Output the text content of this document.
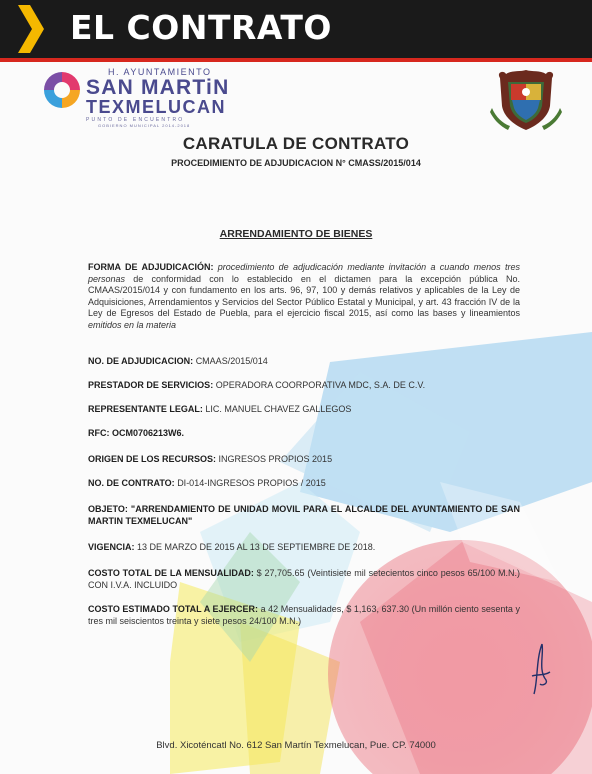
EL CONTRATO
H. AYUNTAMIENTO
SAN MARTiN
TEXMELUCAN
PUNTO DE ENCUENTRO
GOBIERNO MUNICIPAL 2014-2018
CARATULA DE CONTRATO
PROCEDIMIENTO DE ADJUDICACION N° CMASS/2015/014
ARRENDAMIENTO DE BIENES

FORMA DE ADJUDICACIÓN: procedimiento de adjudicación mediante invitación a cuando menos tres personas de conformidad con lo establecido en el dictamen para la excepción pública No. CMAAS/2015/014 y con fundamento en los arts. 96, 97, 100 y demás relativos y aplicables de la Ley de Adquisiciones, Arrendamientos y Servicios del Sector Público Estatal y Municipal, y art. 43 fracción IV de la Ley de Egresos del Estado de Puebla, para el ejercicio fiscal 2015, así como las bases y lineamientos emitidos en la materia

NO. DE ADJUDICACION: CMAAS/2015/014

PRESTADOR DE SERVICIOS: OPERADORA COORPORATIVA MDC, S.A. DE C.V.

REPRESENTANTE LEGAL: LIC. MANUEL CHAVEZ GALLEGOS

RFC: OCM0706213W6.

ORIGEN DE LOS RECURSOS: INGRESOS PROPIOS 2015

NO. DE CONTRATO: DI-014-INGRESOS PROPIOS / 2015

OBJETO: "ARRENDAMIENTO DE UNIDAD MOVIL PARA EL ALCALDE DEL AYUNTAMIENTO DE SAN MARTIN TEXMELUCAN"

VIGENCIA: 13 DE MARZO DE 2015 AL 13 DE SEPTIEMBRE DE 2018.

COSTO TOTAL DE LA MENSUALIDAD: $ 27,705.65 (Veintisiete mil setecientos cinco pesos 65/100 M.N.) CON I.V.A. INCLUIDO

COSTO ESTIMADO TOTAL A EJERCER: a 42 Mensualidades, $ 1,163, 637.30 (Un millón ciento sesenta y tres mil seiscientos treinta y siete pesos 24/100 M.N.)

Blvd. Xicoténcatl No. 612 San Martín Texmelucan, Pue. CP. 74000
